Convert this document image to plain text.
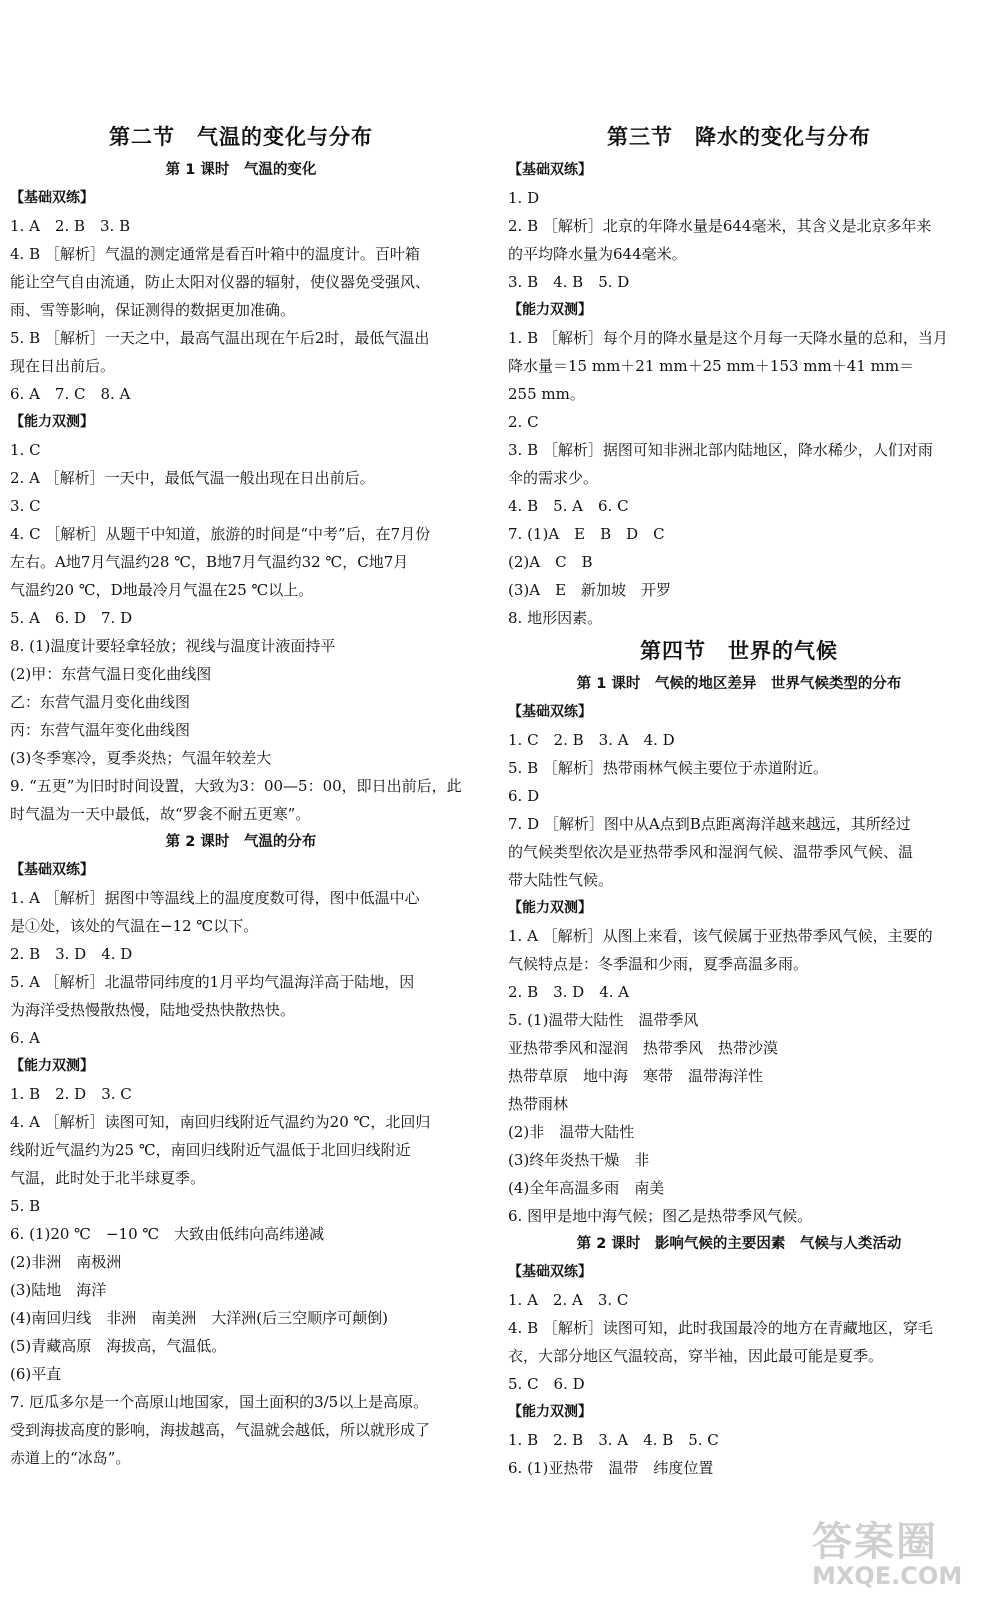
第二节　气温的变化与分布
第 1 课时　气温的变化
【基础双练】
1. A　2. B　3. B
4. B ［解析］气温的测定通常是看百叶箱中的温度计。百叶箱
能让空气自由流通，防止太阳对仪器的辐射，使仪器免受强风、
雨、雪等影响，保证测得的数据更加准确。
5. B ［解析］一天之中，最高气温出现在午后2时，最低气温出
现在日出前后。
6. A　7. C　8. A
【能力双测】
1. C
2. A ［解析］一天中，最低气温一般出现在日出前后。
3. C
4. C ［解析］从题干中知道，旅游的时间是“中考”后，在7月份
左右。A地7月气温约28 ℃，B地7月气温约32 ℃，C地7月
气温约20 ℃，D地最冷月气温在25 ℃以上。
5. A　6. D　7. D
8. (1)温度计要轻拿轻放；视线与温度计液面持平
(2)甲：东营气温日变化曲线图
乙：东营气温月变化曲线图
丙：东营气温年变化曲线图
(3)冬季寒冷，夏季炎热；气温年较差大
9. “五更”为旧时时间设置，大致为3：00—5：00，即日出前后，此
时气温为一天中最低，故“罗衾不耐五更寒”。
第 2 课时　气温的分布
【基础双练】
1. A ［解析］据图中等温线上的温度度数可得，图中低温中心
是①处，该处的气温在−12 ℃以下。
2. B　3. D　4. D
5. A ［解析］北温带同纬度的1月平均气温海洋高于陆地，因
为海洋受热慢散热慢，陆地受热快散热快。
6. A
【能力双测】
1. B　2. D　3. C
4. A ［解析］读图可知，南回归线附近气温约为20 ℃，北回归
线附近气温约为25 ℃，南回归线附近气温低于北回归线附近
气温，此时处于北半球夏季。
5. B
6. (1)20 ℃　−10 ℃　大致由低纬向高纬递减
(2)非洲　南极洲
(3)陆地　海洋
(4)南回归线　非洲　南美洲　大洋洲(后三空顺序可颠倒)
(5)青藏高原　海拔高，气温低。
(6)平直
7. 厄瓜多尔是一个高原山地国家，国土面积的3/5以上是高原。
受到海拔高度的影响，海拔越高，气温就会越低，所以就形成了
赤道上的“冰岛”。
第三节　降水的变化与分布
【基础双练】
1. D
2. B ［解析］北京的年降水量是644毫米，其含义是北京多年来
的平均降水量为644毫米。
3. B　4. B　5. D
【能力双测】
1. B ［解析］每个月的降水量是这个月每一天降水量的总和，当月
降水量＝15 mm＋21 mm＋25 mm＋153 mm＋41 mm＝
255 mm。
2. C
3. B ［解析］据图可知非洲北部内陆地区，降水稀少，人们对雨
伞的需求少。
4. B　5. A　6. C
7. (1)A　E　B　D　C
(2)A　C　B
(3)A　E　新加坡　开罗
8. 地形因素。
第四节　世界的气候
第 1 课时　气候的地区差异　世界气候类型的分布
【基础双练】
1. C　2. B　3. A　4. D
5. B ［解析］热带雨林气候主要位于赤道附近。
6. D
7. D ［解析］图中从A点到B点距离海洋越来越远，其所经过
的气候类型依次是亚热带季风和湿润气候、温带季风气候、温
带大陆性气候。
【能力双测】
1. A ［解析］从图上来看，该气候属于亚热带季风气候，主要的
气候特点是：冬季温和少雨，夏季高温多雨。
2. B　3. D　4. A
5. (1)温带大陆性　温带季风
亚热带季风和湿润　热带季风　热带沙漠
热带草原　地中海　寒带　温带海洋性
热带雨林
(2)非　温带大陆性
(3)终年炎热干燥　非
(4)全年高温多雨　南美
6. 图甲是地中海气候；图乙是热带季风气候。
第 2 课时　影响气候的主要因素　气候与人类活动
【基础双练】
1. A　2. A　3. C
4. B ［解析］读图可知，此时我国最冷的地方在青藏地区，穿毛
衣，大部分地区气温较高，穿半袖，因此最可能是夏季。
5. C　6. D
【能力双测】
1. B　2. B　3. A　4. B　5. C
6. (1)亚热带　温带　纬度位置
答案圈
MXQE.COM
